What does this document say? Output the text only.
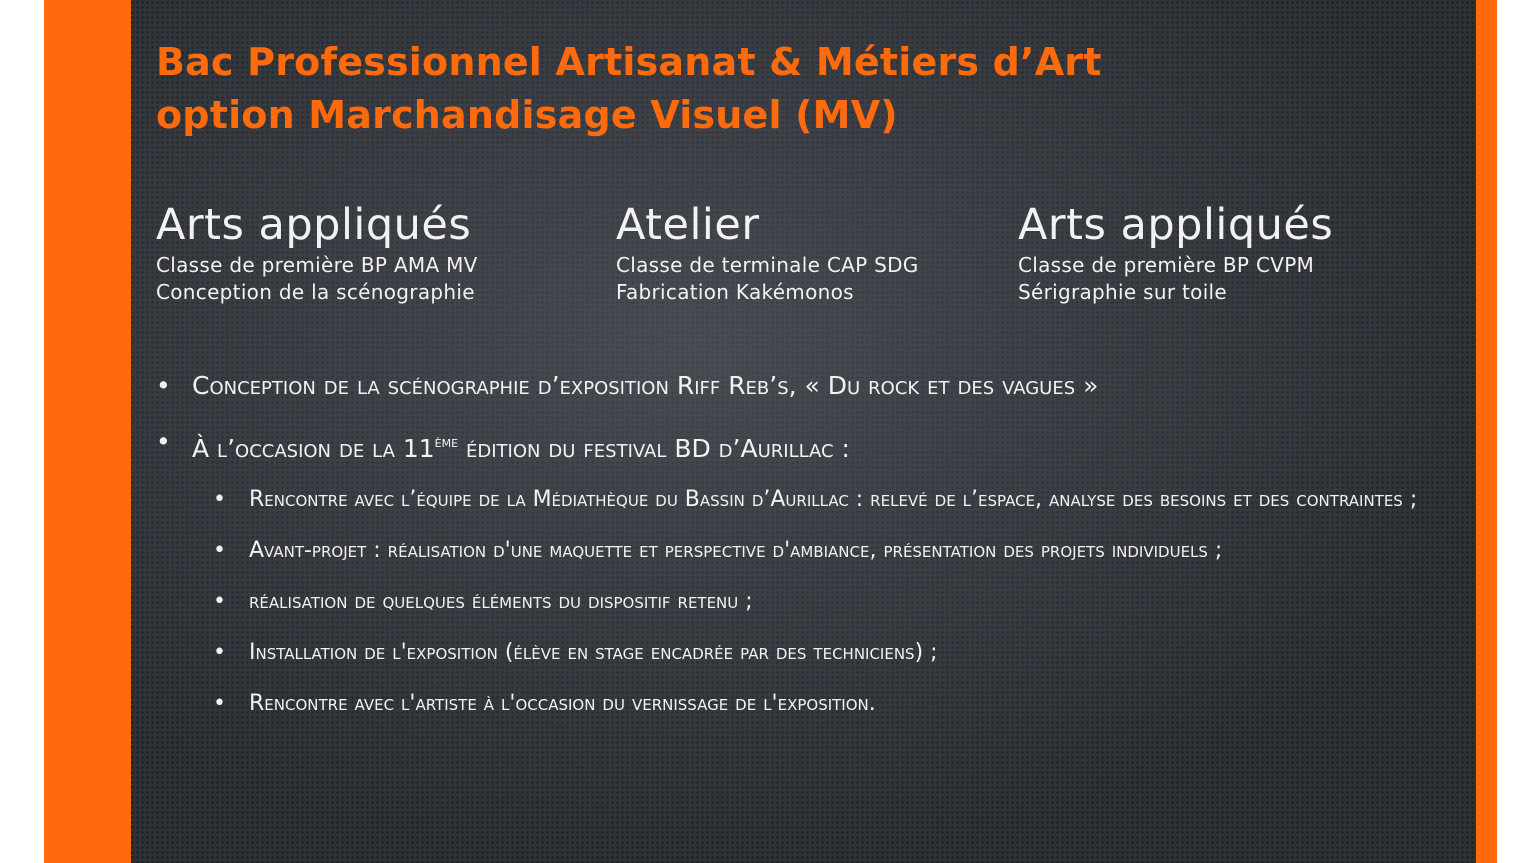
Bac Professionnel Artisanat & Métiers d’Art
option Marchandisage Visuel (MV)
Arts appliqués
Classe de première BP AMA MV
Conception de la scénographie
Atelier
Classe de terminale CAP SDG
Fabrication Kakémonos
Arts appliqués
Classe de première BP CVPM
Sérigraphie sur toile
• Conception de la scénographie d’exposition Riff Reb’s, « Du rock et des vagues »
• À l’occasion de la 11ème édition du festival BD d’Aurillac :
• Rencontre avec l’équipe de la Médiathèque du Bassin d’Aurillac : relevé de l’espace, analyse des besoins et des contraintes ;
• Avant-projet : réalisation d'une maquette et perspective d'ambiance, présentation des projets individuels ;
• réalisation de quelques éléments du dispositif retenu ;
• Installation de l'exposition (élève en stage encadrée par des techniciens) ;
• Rencontre avec l'artiste à l'occasion du vernissage de l'exposition.
